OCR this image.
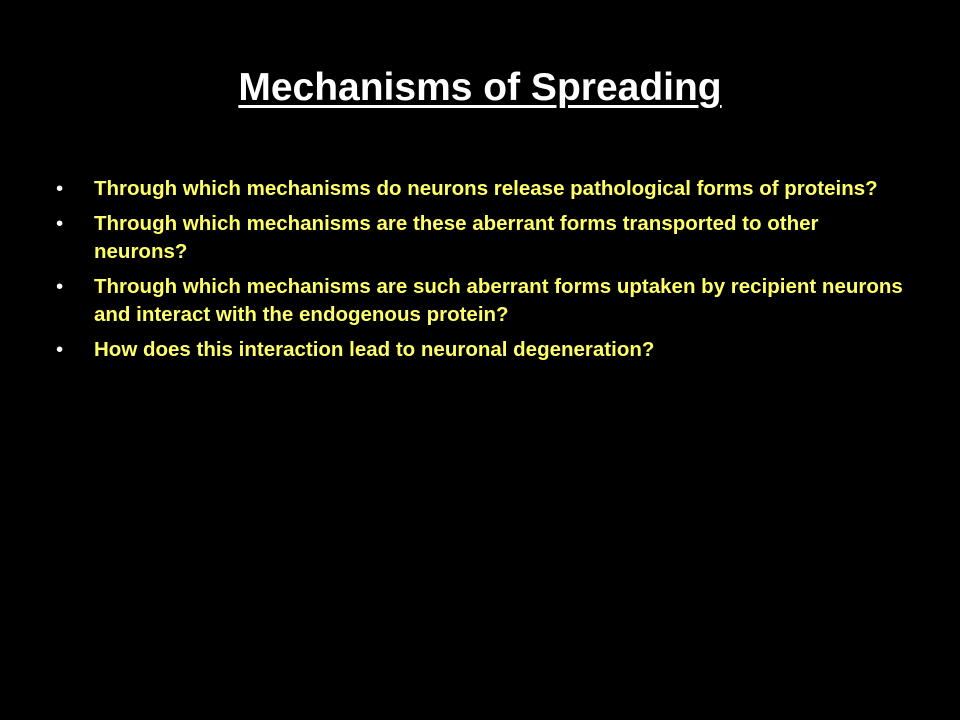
Mechanisms of Spreading
• Through which mechanisms do neurons release pathological forms of proteins?
• Through which mechanisms are these aberrant forms transported to other neurons?
• Through which mechanisms are such aberrant forms uptaken by recipient neurons and interact with the endogenous protein?
• How does this interaction lead to neuronal degeneration?
